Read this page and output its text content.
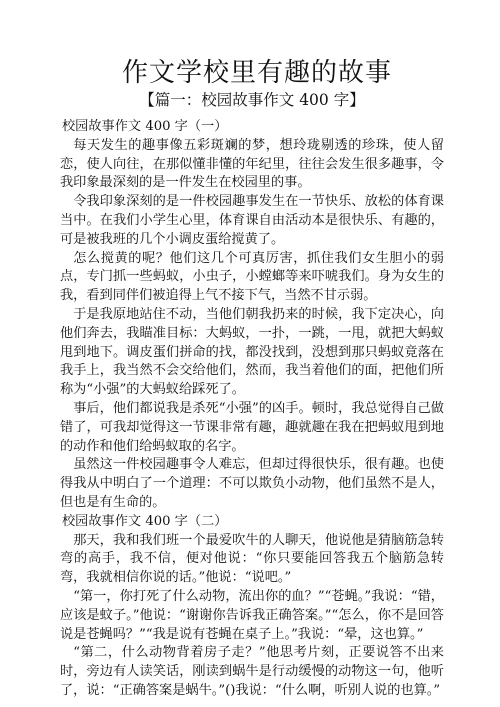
作文学校里有趣的故事
【篇一：校园故事作文 400 字】
校园故事作文 400 字（一）

每天发生的趣事像五彩斑斓的梦，想玲珑剔透的珍珠，使人留恋，使人向往，在那似懂非懂的年纪里，往往会发生很多趣事，令我印象最深刻的是一件发生在校园里的事。

令我印象深刻的是一件校园趣事发生在一节快乐、放松的体育课当中。在我们小学生心里，体育课自由活动本是很快乐、有趣的，可是被我班的几个小调皮蛋给搅黄了。

怎么搅黄的呢？他们这几个可真厉害，抓住我们女生胆小的弱点，专门抓一些蚂蚁，小虫子，小螳螂等来吓唬我们。身为女生的我，看到同伴们被追得上气不接下气，当然不甘示弱。

于是我原地站住不动，当他们朝我扔来的时候，我下定决心，向他们奔去，我瞄准目标：大蚂蚁，一扑，一跳，一甩，就把大蚂蚁甩到地下。调皮蛋们拼命的找，都没找到，没想到那只蚂蚁竟落在我手上，我当然不会交给他们，然而，我当着他们的面，把他们所称为“小强”的大蚂蚁给踩死了。

事后，他们都说我是杀死“小强”的凶手。顿时，我总觉得自己做错了，可我却觉得这一节课非常有趣，趣就趣在我在把蚂蚁甩到地的动作和他们给蚂蚁取的名字。

虽然这一件校园趣事令人难忘，但却过得很快乐，很有趣。也使得我从中明白了一个道理：不可以欺负小动物，他们虽然不是人，但也是有生命的。

校园故事作文 400 字（二）

那天，我和我们班一个最爱吹牛的人聊天，他说他是猜脑筋急转弯的高手，我不信，便对他说：“你只要能回答我五个脑筋急转弯，我就相信你说的话。”他说：“说吧。”

“第一，你打死了什么动物，流出你的血？”“苍蝇。”我说：“错，应该是蚊子。”他说：“谢谢你告诉我正确答案。”“怎么，你不是回答说是苍蝇吗？”“我是说有苍蝇在桌子上。”我说：“晕，这也算。”

“第二，什么动物背着房子走？”他思考片刻，正要说答不出来时，旁边有人读笑话，刚读到蜗牛是行动缓慢的动物这一句，他听了，说：“正确答案是蜗牛。”()我说：“什么啊，听别人说的也算。”
